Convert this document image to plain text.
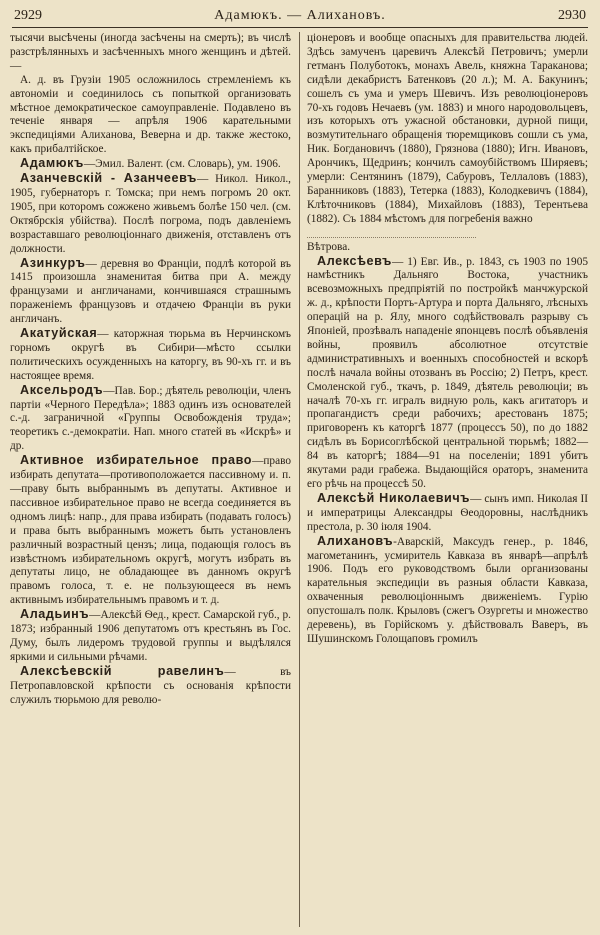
2929	Адамюкъ. — Алихановъ.	2930

тысячи высѣчены (иногда засѣчены на смерть); въ числѣ разстрѣлянныхъ и засѣченныхъ много женщинъ и дѣтей. —

А. д. въ Грузіи 1905 осложнилось стремленіемъ къ автономіи и соединилось съ попыткой организовать мѣстное демократическое самоуправленіе. Подавлено въ теченіе января — апрѣля 1906 карательными экспедиціями Алиханова, Веверна и др. также жестоко, какъ прибалтійское.

Адамюкъ—Эмил. Валент. (см. Словарь), ум. 1906.

Азанчевскій - Азанчеевъ— Никол. Никол., 1905, губернаторъ г. Томска; при немъ погромъ 20 окт. 1905, при которомъ сожжено живьемъ болѣе 150 чел. (см. Октябрскія убійства). Послѣ погрома, подъ давленіемъ возраставшаго революціоннаго движенія, отставленъ отъ должности.

Азинкуръ— деревня во Франціи, подлѣ которой въ 1415 произошла знаменитая битва при А. между французами и англичанами, кончившаяся страшнымъ пораженіемъ французовъ и отдачею Франціи въ руки англичанъ.

Акатуйская— каторжная тюрьма въ Нерчинскомъ горномъ округѣ въ Сибири—мѣсто ссылки политическихъ осужденныхъ на каторгу, въ 90-хъ гг. и въ настоящее время.

Аксельродъ—Пав. Бор.; дѣятель революціи, членъ партіи «Черного Передѣла»; 1883 одинъ изъ основателей с.-д. заграничной «Группы Освобожденія труда»; теоретикъ с.-демократіи. Нап. много статей въ «Искрѣ» и др.

Активное избирательное право—право избирать депутата—противоположается пассивному и. п.—праву быть выбраннымъ въ депутаты. Активное и пассивное избирательное право не всегда соединяется въ одномъ лицѣ: напр., для права избирать (подавать голосъ) и права быть выбраннымъ можетъ быть установленъ различный возрастный цензъ; лица, подающія голосъ въ извѣстномъ избирательномъ округѣ, могутъ избрать въ депутаты лицо, не обладающее въ данномъ округѣ правомъ голоса, т. е. не пользующееся въ немъ активнымъ избирательнымъ правомъ и т. д.

Аладьинъ—Алексѣй Ѳед., крест. Самарской губ., р. 1873; избранный 1906 депутатомъ отъ крестьянъ въ Гос. Думу, былъ лидеромъ трудовой группы и выдѣлялся яркими и сильными рѣчами.

Алексѣевскій равелинъ— въ Петропавловской крѣпости съ основанія крѣпости служилъ тюрьмою для револю-

ціонеровъ и вообще опасныхъ для правительства людей. Здѣсь замученъ царевичъ Алексѣй Петровичъ; умерли гетманъ Полуботокъ, монахъ Авель, княжна Тараканова; сидѣли декабристъ Батенковъ (20 л.); М. А. Бакунинъ; сошелъ съ ума и умеръ Шевичъ. Изъ революціонеровъ 70-хъ годовъ Нечаевъ (ум. 1883) и много народовольцевъ, изъ которыхъ отъ ужасной обстановки, дурной пищи, возмутительнаго обращенія тюремщиковъ сошли съ ума, Ник. Богдановичъ (1880), Грязнова (1880); Игн. Ивановъ, Арончикъ, Щедринъ; кончилъ самоубійствомъ Ширяевъ; умерли: Сентянинъ (1879), Сабуровъ, Теллаловъ (1883), Баранниковъ (1883), Тетерка (1883), Колодкевичъ (1884), Клѣточниковъ (1884), Михайловъ (1883), Терентьева (1882). Съ 1884 мѣстомъ для погребенія важно

Вѣтрова.

Алексѣевъ— 1) Евг. Ив., р. 1843, съ 1903 по 1905 намѣстникъ Дальняго Востока, участникъ всевозможныхъ предпріятій по постройкѣ манчжурской ж. д., крѣпости Портъ-Артура и порта Дальняго, лѣсныхъ операцій на р. Ялу, много содѣйствовалъ разрыву съ Японіей, прозѣвалъ нападеніе японцевъ послѣ объявленія войны, проявилъ абсолютное отсутствіе административныхъ и военныхъ способностей и вскорѣ послѣ начала войны отозванъ въ Россію; 2) Петръ, крест. Смоленской губ., ткачъ, р. 1849, дѣятель революціи; въ началѣ 70-хъ гг. игралъ видную роль, какъ агитаторъ и пропагандистъ среди рабочихъ; арестованъ 1875; приговоренъ къ каторгѣ 1877 (процессъ 50), по до 1882 сидѣлъ въ Борисоглѣбской центральной тюрьмѣ; 1882—84 въ каторгѣ; 1884—91 на поселеніи; 1891 убитъ якутами ради грабежа. Выдающійся ораторъ, знаменита его рѣчь на процессѣ 50.

Алексѣй Николаевичъ— сынъ имп. Николая II и императрицы Александры Ѳеодоровны, наслѣдникъ престола, р. 30 іюля 1904.

Алихановъ-Аварскій, Максудъ генер., р. 1846, магометанинъ, усмиритель Кавказа въ январѣ—апрѣлѣ 1906. Подъ его руководствомъ были организованы карательныя экспедиціи въ разныя области Кавказа, охваченныя революціоннымъ движеніемъ. Гурію опустошалъ полк. Крыловъ (сжегъ Озургеты и множество деревень), въ Горійскомъ у. дѣйствовалъ Ваверъ, въ Шушинскомъ Голощаповъ громилъ
